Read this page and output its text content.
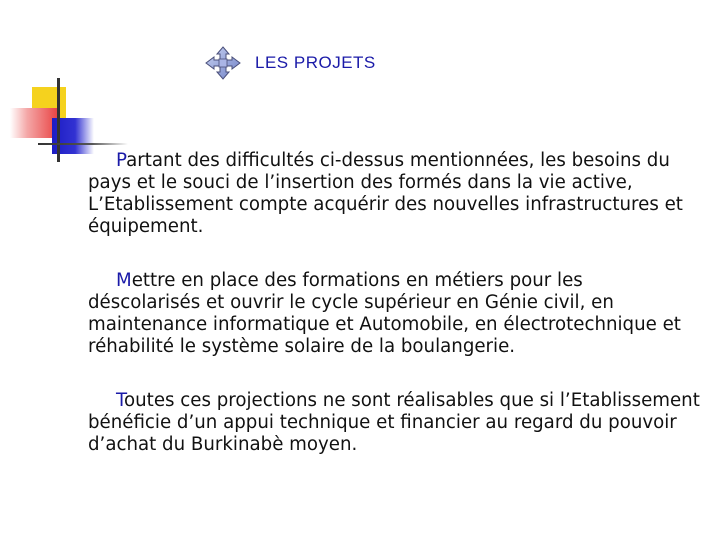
LES PROJETS

Partant des difficultés ci-dessus mentionnées, les besoins du pays et le souci de l’insertion des formés dans la vie active, L’Etablissement compte acquérir des nouvelles infrastructures et équipement.

Mettre en place des formations en métiers pour les déscolarisés et ouvrir le cycle supérieur en Génie civil, en maintenance informatique et Automobile, en électrotechnique et réhabilité le système solaire de la boulangerie.

Toutes ces projections ne sont réalisables que si l’Etablissement bénéficie d’un appui technique et financier au regard du pouvoir d’achat du Burkinabè moyen.
